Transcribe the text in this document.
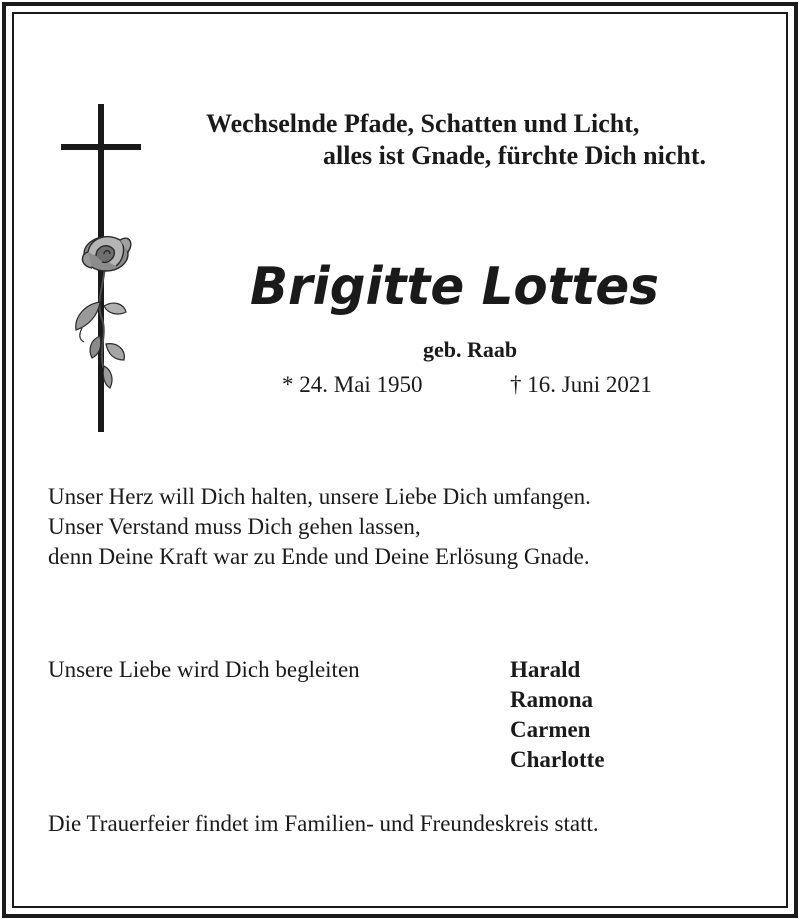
Wechselnde Pfade, Schatten und Licht,
alles ist Gnade, fürchte Dich nicht.
Brigitte Lottes
geb. Raab
* 24. Mai 1950	† 16. Juni 2021
Unser Herz will Dich halten, unsere Liebe Dich umfangen.
Unser Verstand muss Dich gehen lassen,
denn Deine Kraft war zu Ende und Deine Erlösung Gnade.
Unsere Liebe wird Dich begleiten	Harald
Ramona
Carmen
Charlotte
Die Trauerfeier findet im Familien- und Freundeskreis statt.
